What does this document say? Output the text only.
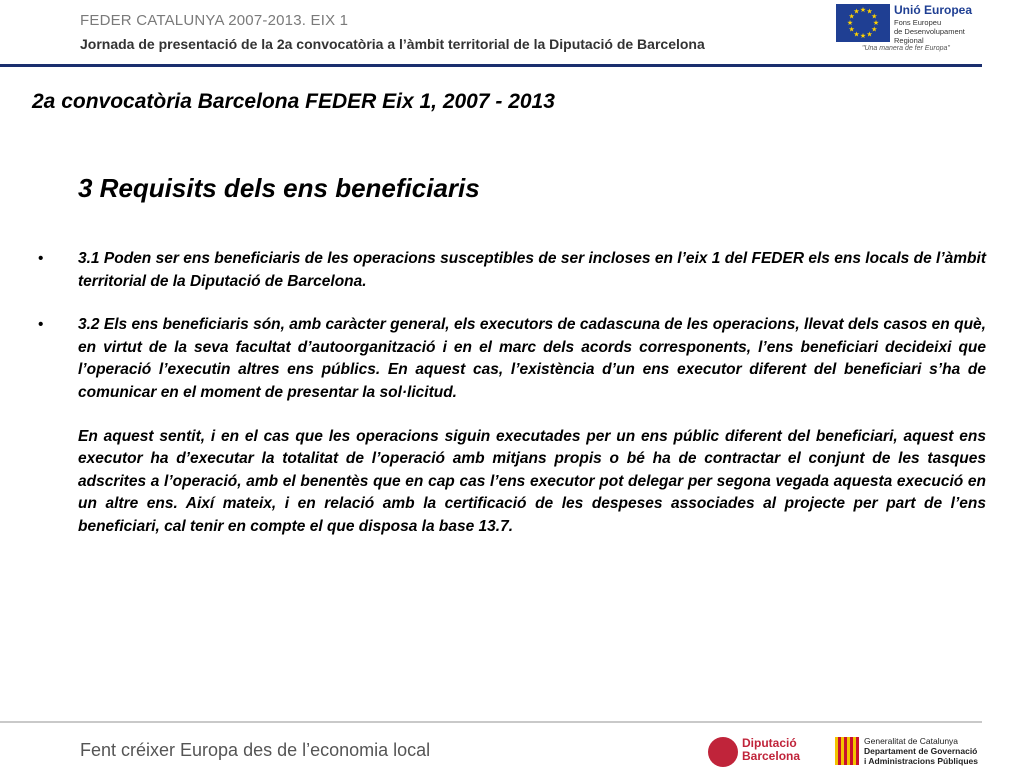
FEDER CATALUNYA 2007-2013. EIX 1
Jornada de presentació de la 2a convocatòria a l’àmbit territorial de la Diputació de Barcelona
★ ★
★
★
★
★
★
★
★
★
★
★	Unió Europea
Fons Europeu
de Desenvolupament
Regional
"Una manera de fer Europa"
2a convocatòria Barcelona FEDER Eix 1, 2007 - 2013
3 Requisits dels ens beneficiaris

• 3.1 Poden ser ens beneficiaris de les operacions susceptibles de ser incloses en l’eix 1 del FEDER els ens locals de l’àmbit territorial de la Diputació de Barcelona.

• 3.2 Els ens beneficiaris són, amb caràcter general, els executors de cadascuna de les operacions, llevat dels casos en què, en virtut de la seva facultat d’autoorganització i en el marc dels acords corresponents, l’ens beneficiari decideixi que l’operació l’executin altres ens públics. En aquest cas, l’existència d’un ens executor diferent del beneficiari s’ha de comunicar en el moment de presentar la sol·licitud.

En aquest sentit, i en el cas que les operacions siguin executades per un ens públic diferent del beneficiari, aquest ens executor ha d’executar la totalitat de l’operació amb mitjans propis o bé ha de contractar el conjunt de les tasques adscrites a l’operació, amb el benentès que en cap cas l’ens executor pot delegar per segona vegada aquesta execució en un altre ens. Així mateix, i en relació amb la certificació de les despeses associades al projecte per part de l’ens beneficiari, cal tenir en compte el que disposa la base 13.7.

Fent créixer Europa des de l’economia local	Diputació
Barcelona
Generalitat de Catalunya
Departament de Governació
i Administracions Públiques
